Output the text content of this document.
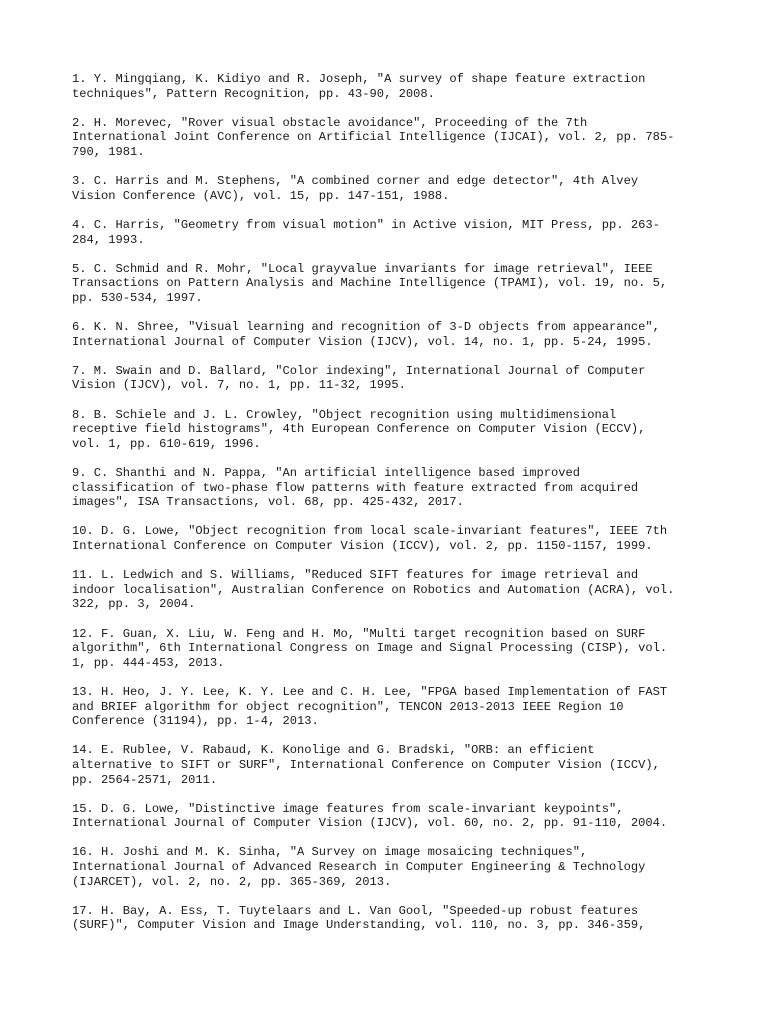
1. Y. Mingqiang, K. Kidiyo and R. Joseph, "A survey of shape feature extraction
techniques", Pattern Recognition, pp. 43-90, 2008.
2. H. Morevec, "Rover visual obstacle avoidance", Proceeding of the 7th
International Joint Conference on Artificial Intelligence (IJCAI), vol. 2, pp. 785-
790, 1981.
3. C. Harris and M. Stephens, "A combined corner and edge detector", 4th Alvey
Vision Conference (AVC), vol. 15, pp. 147-151, 1988.
4. C. Harris, "Geometry from visual motion" in Active vision, MIT Press, pp. 263-
284, 1993.
5. C. Schmid and R. Mohr, "Local grayvalue invariants for image retrieval", IEEE
Transactions on Pattern Analysis and Machine Intelligence (TPAMI), vol. 19, no. 5,
pp. 530-534, 1997.
6. K. N. Shree, "Visual learning and recognition of 3-D objects from appearance",
International Journal of Computer Vision (IJCV), vol. 14, no. 1, pp. 5-24, 1995.
7. M. Swain and D. Ballard, "Color indexing", International Journal of Computer
Vision (IJCV), vol. 7, no. 1, pp. 11-32, 1995.
8. B. Schiele and J. L. Crowley, "Object recognition using multidimensional
receptive field histograms", 4th European Conference on Computer Vision (ECCV),
vol. 1, pp. 610-619, 1996.
9. C. Shanthi and N. Pappa, "An artificial intelligence based improved
classification of two-phase flow patterns with feature extracted from acquired
images", ISA Transactions, vol. 68, pp. 425-432, 2017.
10. D. G. Lowe, "Object recognition from local scale-invariant features", IEEE 7th
International Conference on Computer Vision (ICCV), vol. 2, pp. 1150-1157, 1999.
11. L. Ledwich and S. Williams, "Reduced SIFT features for image retrieval and
indoor localisation", Australian Conference on Robotics and Automation (ACRA), vol.
322, pp. 3, 2004.
12. F. Guan, X. Liu, W. Feng and H. Mo, "Multi target recognition based on SURF
algorithm", 6th International Congress on Image and Signal Processing (CISP), vol.
1, pp. 444-453, 2013.
13. H. Heo, J. Y. Lee, K. Y. Lee and C. H. Lee, "FPGA based Implementation of FAST
and BRIEF algorithm for object recognition", TENCON 2013-2013 IEEE Region 10
Conference (31194), pp. 1-4, 2013.
14. E. Rublee, V. Rabaud, K. Konolige and G. Bradski, "ORB: an efficient
alternative to SIFT or SURF", International Conference on Computer Vision (ICCV),
pp. 2564-2571, 2011.
15. D. G. Lowe, "Distinctive image features from scale-invariant keypoints",
International Journal of Computer Vision (IJCV), vol. 60, no. 2, pp. 91-110, 2004.
16. H. Joshi and M. K. Sinha, "A Survey on image mosaicing techniques",
International Journal of Advanced Research in Computer Engineering & Technology
(IJARCET), vol. 2, no. 2, pp. 365-369, 2013.
17. H. Bay, A. Ess, T. Tuytelaars and L. Van Gool, "Speeded-up robust features
(SURF)", Computer Vision and Image Understanding, vol. 110, no. 3, pp. 346-359,
